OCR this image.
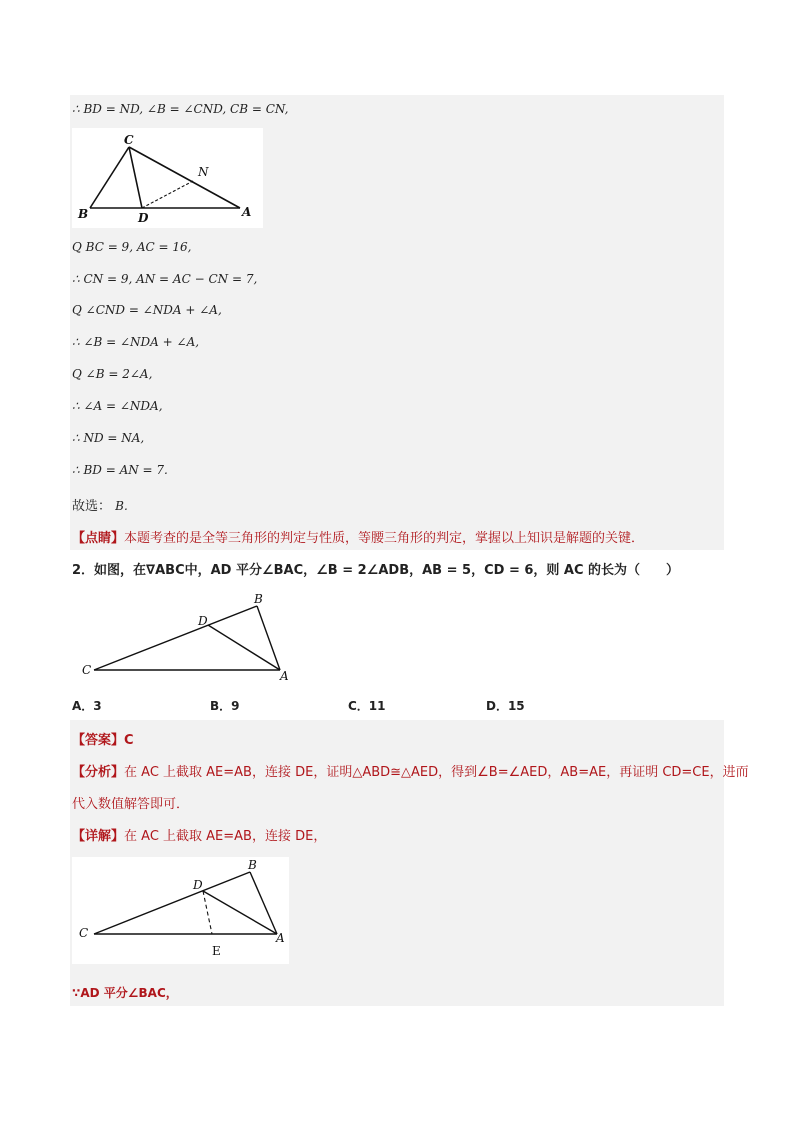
∴ BD = ND, ∠B = ∠CND, CB = CN,
C
N
B	D	A
Q BC = 9, AC = 16,
∴ CN = 9, AN = AC − CN = 7,
Q ∠CND = ∠NDA + ∠A,
∴ ∠B = ∠NDA + ∠A,
Q ∠B = 2∠A,
∴ ∠A = ∠NDA,
∴ ND = NA,
∴ BD = AN = 7.
故选： B.
【点睛】本题考查的是全等三角形的判定与性质，等腰三角形的判定，掌握以上知识是解题的关键．
2．如图，在∇ABC中，AD 平分∠BAC，∠B = 2∠ADB，AB = 5，CD = 6，则 AC 的长为（　　）
D
B
C	A
A．3	B．9	C．11	D．15
【答案】C
【分析】在 AC 上截取 AE=AB，连接 DE，证明△ABD≅△AED，得到∠B=∠AED，AB=AE，再证明 CD=CE，进而
代入数值解答即可．
【详解】在 AC 上截取 AE=AB，连接 DE，
D
B
C	A
E
∵AD 平分∠BAC，
